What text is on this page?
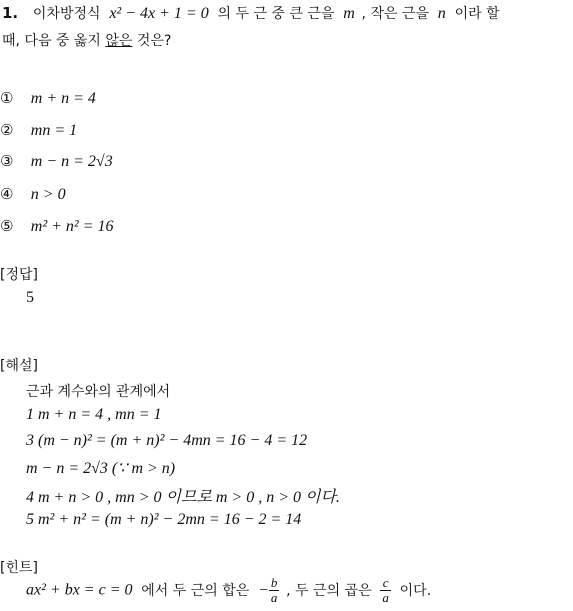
1. 이차방정식 x² − 4x + 1 = 0 의 두 근 중 큰 근을 m , 작은 근을 n 이라 할
때, 다음 중 옳지 않은 것은?
① m + n = 4
② mn = 1
③ m − n = 2√3
④ n > 0
⑤ m² + n² = 16
[정답]
5
[해설]
근과 계수와의 관계에서
1 m + n = 4 , mn = 1
3 (m − n)² = (m + n)² − 4mn = 16 − 4 = 12
m − n = 2√3 (∵ m > n)
4 m + n > 0 , mn > 0 이므로 m > 0 , n > 0 이다.
5 m² + n² = (m + n)² − 2mn = 16 − 2 = 14
[힌트]
ax² + bx = c = 0 에서 두 근의 합은 − $\frac{b}{a}$ , 두 근의 곱은 $\frac{c}{a}$ 이다.
